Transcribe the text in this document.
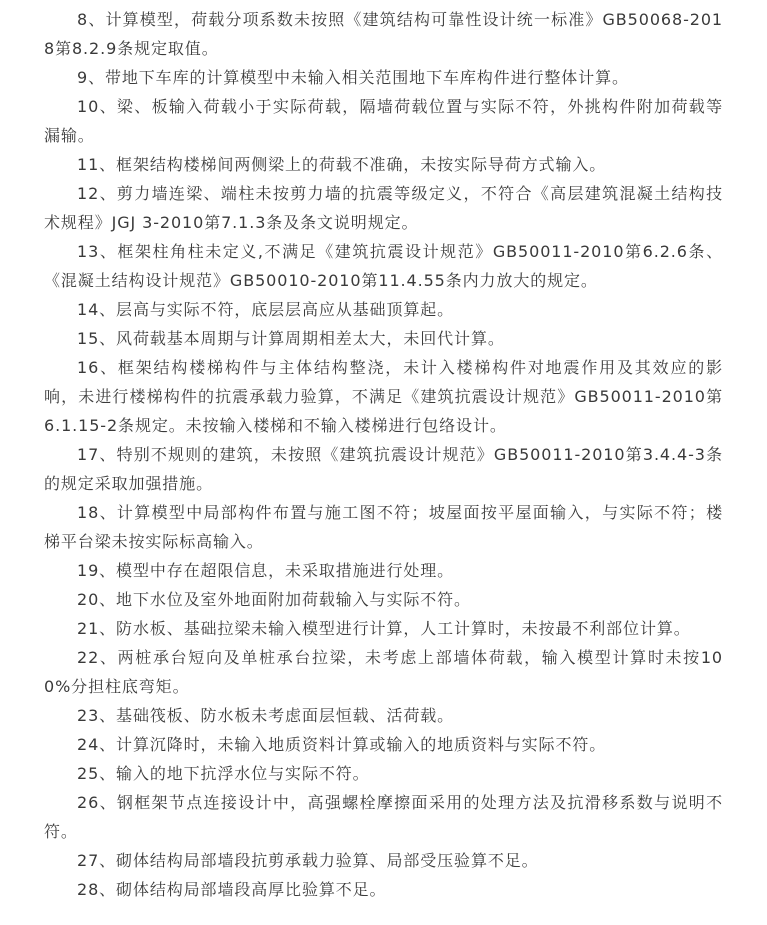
8、计算模型，荷载分项系数未按照《建筑结构可靠性设计统一标准》GB50068-2018第8.2.9条规定取值。

9、带地下车库的计算模型中未输入相关范围地下车库构件进行整体计算。

10、梁、板输入荷载小于实际荷载，隔墙荷载位置与实际不符，外挑构件附加荷载等漏输。

11、框架结构楼梯间两侧梁上的荷载不准确，未按实际导荷方式输入。

12、剪力墙连梁、端柱未按剪力墙的抗震等级定义，不符合《高层建筑混凝土结构技术规程》JGJ 3-2010第7.1.3条及条文说明规定。

13、框架柱角柱未定义,不满足《建筑抗震设计规范》GB50011-2010第6.2.6条、《混凝土结构设计规范》GB50010-2010第11.4.55条内力放大的规定。

14、层高与实际不符，底层层高应从基础顶算起。

15、风荷载基本周期与计算周期相差太大，未回代计算。

16、框架结构楼梯构件与主体结构整浇，未计入楼梯构件对地震作用及其效应的影响，未进行楼梯构件的抗震承载力验算，不满足《建筑抗震设计规范》GB50011-2010第6.1.15-2条规定。未按输入楼梯和不输入楼梯进行包络设计。

17、特别不规则的建筑，未按照《建筑抗震设计规范》GB50011-2010第3.4.4-3条的规定采取加强措施。

18、计算模型中局部构件布置与施工图不符；坡屋面按平屋面输入，与实际不符；楼梯平台梁未按实际标高输入。

19、模型中存在超限信息，未采取措施进行处理。

20、地下水位及室外地面附加荷载输入与实际不符。

21、防水板、基础拉梁未输入模型进行计算，人工计算时，未按最不利部位计算。

22、两桩承台短向及单桩承台拉梁，未考虑上部墙体荷载，输入模型计算时未按100%分担柱底弯矩。

23、基础筏板、防水板未考虑面层恒载、活荷载。

24、计算沉降时，未输入地质资料计算或输入的地质资料与实际不符。

25、输入的地下抗浮水位与实际不符。

26、钢框架节点连接设计中，高强螺栓摩擦面采用的处理方法及抗滑移系数与说明不符。

27、砌体结构局部墙段抗剪承载力验算、局部受压验算不足。

28、砌体结构局部墙段高厚比验算不足。
